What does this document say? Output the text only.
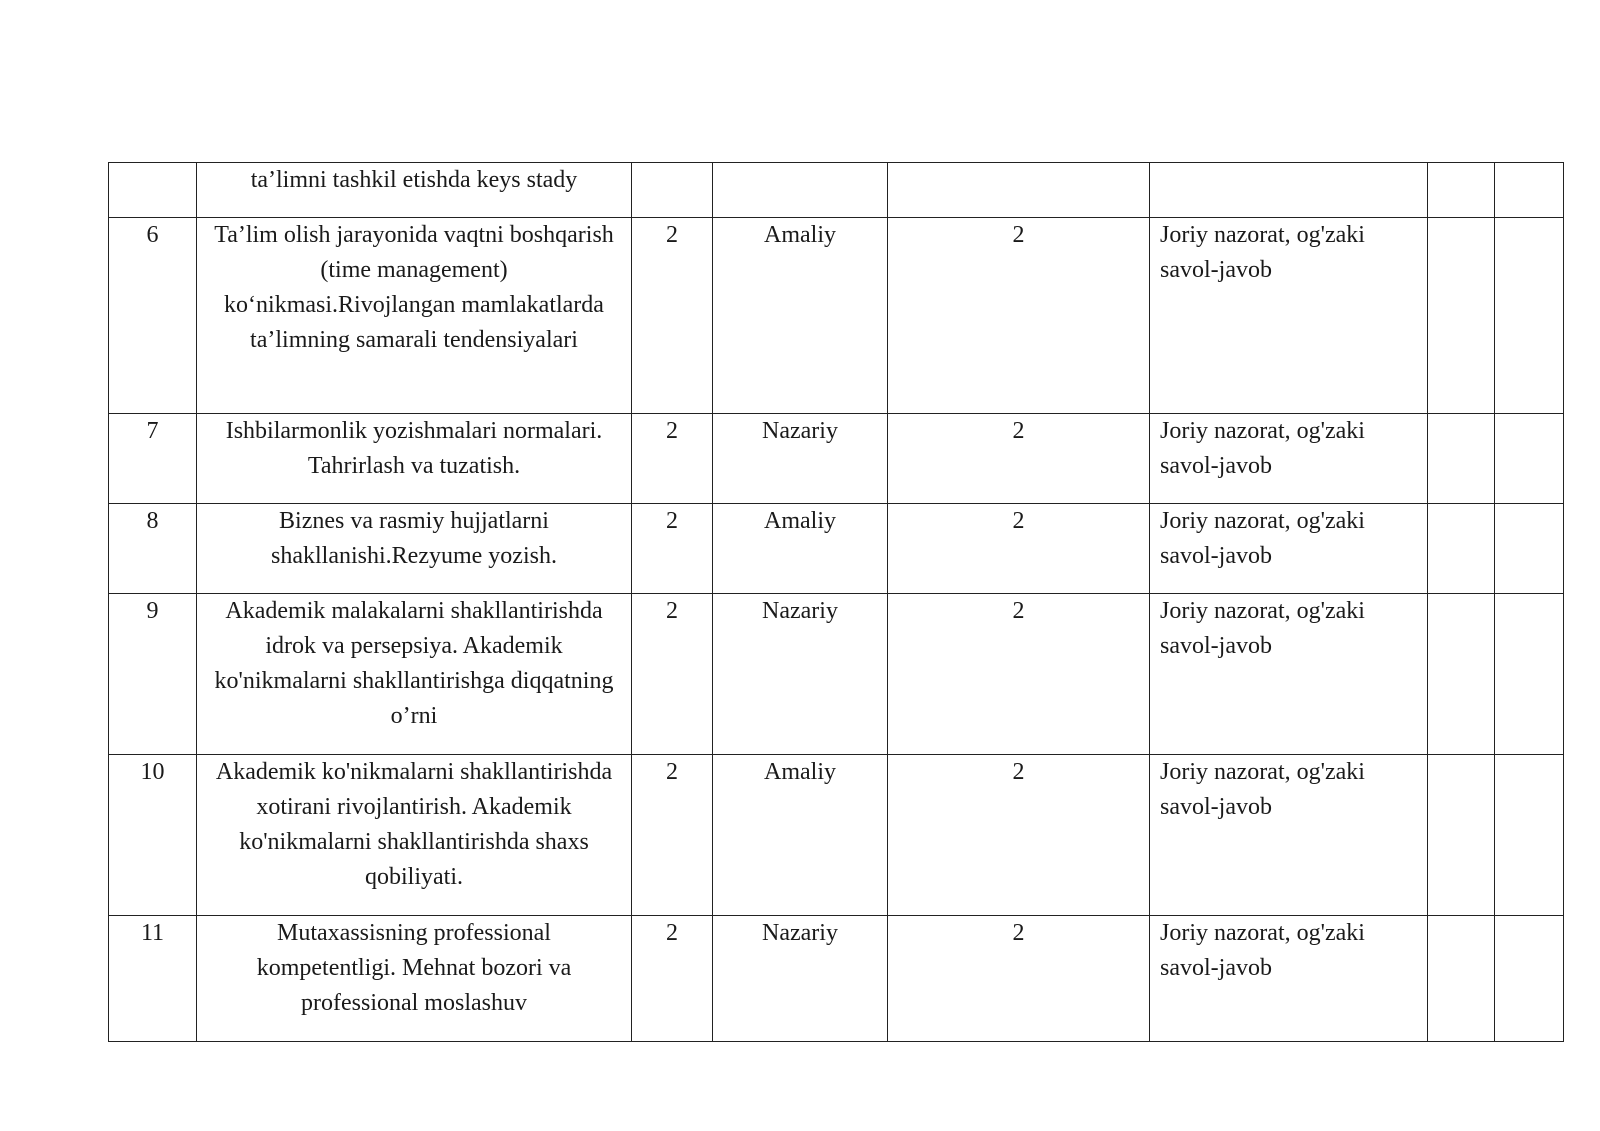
	ta’limni tashkil etishda keys stady						
6	Ta’lim olish jarayonida vaqtni boshqarish (time management) ko‘nikmasi.Rivojlangan mamlakatlarda ta’limning samarali tendensiyalari	2	Amaliy	2	Joriy nazorat, og'zaki savol-javob		
7	Ishbilarmonlik yozishmalari normalari. Tahrirlash va tuzatish.	2	Nazariy	2	Joriy nazorat, og'zaki savol-javob		
8	Biznes va rasmiy hujjatlarni shakllanishi.Rezyume yozish.	2	Amaliy	2	Joriy nazorat, og'zaki savol-javob		
9	Akademik malakalarni shakllantirishda idrok va persepsiya. Akademik ko'nikmalarni shakllantirishga diqqatning o’rni	2	Nazariy	2	Joriy nazorat, og'zaki savol-javob		
10	Akademik ko'nikmalarni shakllantirishda xotirani rivojlantirish. Akademik ko'nikmalarni shakllantirishda shaxs qobiliyati.	2	Amaliy	2	Joriy nazorat, og'zaki savol-javob		
11	Mutaxassisning professional kompetentligi. Mehnat bozori va professional moslashuv	2	Nazariy	2	Joriy nazorat, og'zaki savol-javob		
